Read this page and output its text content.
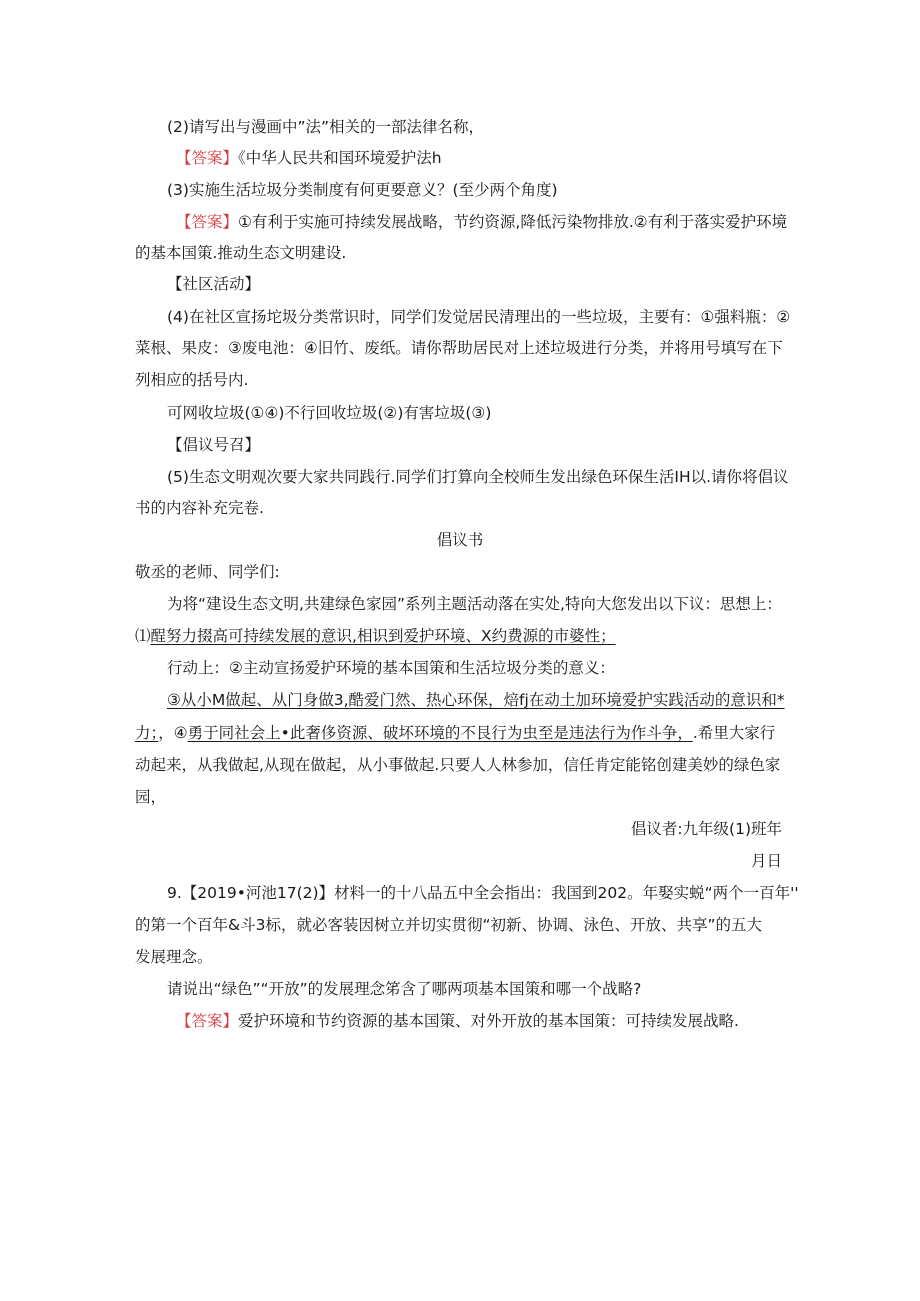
(2)请写出与漫画中”法”相关的一部法律名称，
【答案】《中华人民共和国环境爱护法h
(3)实施生活垃圾分类制度有何更要意义？(至少两个角度)
【答案】①有利于实施可持续发展战略，节约资源,降低污染物排放.②有利于落实爱护环境
的基本国策.推动生态文明建设.
【社区活动】
(4)在社区宣扬坨圾分类常识时，同学们发觉居民清理出的一些垃圾，主要有：①强料瓶：②
菜根、果皮：③废电池：④旧竹、废纸。请你帮助居民对上述垃圾进行分类，并将用号填写在下
列相应的括号内.
可网收垃圾(①④)不行回收垃圾(②)有害垃圾(③)
【倡议号召】
(5)生态文明观次要大家共同践行.同学们打算向全校师生发出绿色环保生活IH以.请你将倡议
书的内容补充完卷.
倡议书
敬丞的老师、同学们:
为将“建设生态文明,共建绿色家园”系列主题活动落在实处,特向大您发出以下议：思想上：
⑴酲努力掇高可持续发展的意识,相识到爱护环境、X约费源的市婆性；
行动上：②主动宣扬爱护环境的基本国策和生活垃圾分类的意义：
③从小M做起、从门身做3,酷爱门然、热心环保，焙fj在动土加环境爱护实践活动的意识和*
力；，④勇于同社会上•此奢侈资源、破坏环境的不艮行为虫至是违法行为作斗争，.希里大家行
动起来，从我做起,从现在做起，从小事做起.只要人人林参加，信任肯定能铭创建美妙的绿色家
园，
倡议者:九年级(1)班年
月日
9.【2019•河池17(2)】材料一的十八品五中全会指出：我国到202。年娶实蜕“两个一百年''
的第一个百年&斗3标，就必客装因树立并切实贯彻“初新、协调、泳色、开放、共享”的五大
发展理念。
请说出“绿色”“开放”的发展理念笫含了哪两项基本国策和哪一个战略?
【答案】爱护环境和节约资源的基本国策、对外开放的基本国策：可持续发展战略.
